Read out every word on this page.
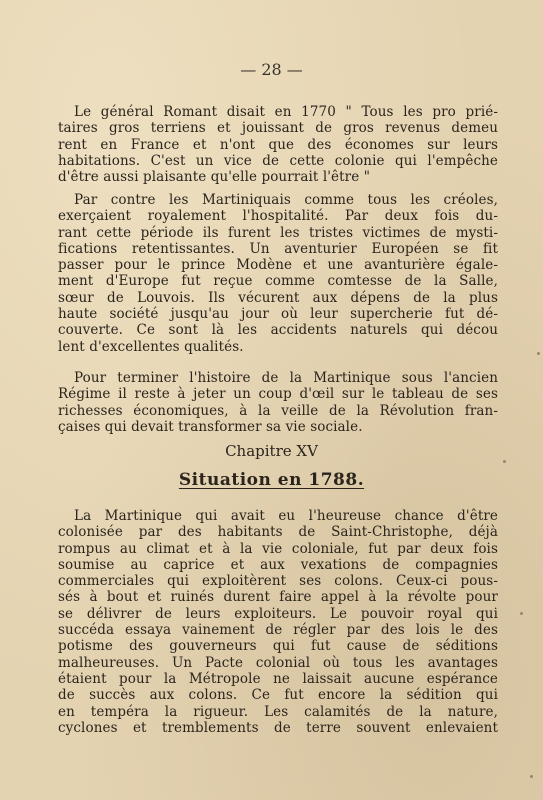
— 28 —
Le général Romant disait en 1770 " Tous les pro prié-
taires gros terriens et jouissant de gros revenus demeu
rent en France et n'ont que des économes sur leurs
habitations. C'est un vice de cette colonie qui l'empêche
d'être aussi plaisante qu'elle pourrait l'être "
Par contre les Martiniquais comme tous les créoles,
exerçaient royalement l'hospitalité. Par deux fois du-
rant cette période ils furent les tristes victimes de mysti-
fications retentissantes. Un aventurier Européen se fit
passer pour le prince Modène et une avanturière égale-
ment d'Europe fut reçue comme comtesse de la Salle,
sœur de Louvois. Ils vécurent aux dépens de la plus
haute société jusqu'au jour où leur supercherie fut dé-
couverte. Ce sont là les accidents naturels qui décou
lent d'excellentes qualités.
Pour terminer l'histoire de la Martinique sous l'ancien
Régime il reste à jeter un coup d'œil sur le tableau de ses
richesses économiques, à la veille de la Révolution fran-
çaises qui devait transformer sa vie sociale.
Chapitre XV
Situation en 1788.
La Martinique qui avait eu l'heureuse chance d'être
colonisée par des habitants de Saint-Christophe, déjà
rompus au climat et à la vie coloniale, fut par deux fois
soumise au caprice et aux vexations de compagnies
commerciales qui exploitèrent ses colons. Ceux-ci pous-
sés à bout et ruinés durent faire appel à la révolte pour
se délivrer de leurs exploiteurs. Le pouvoir royal qui
succéda essaya vainement de régler par des lois le des
potisme des gouverneurs qui fut cause de séditions
malheureuses. Un Pacte colonial où tous les avantages
étaient pour la Métropole ne laissait aucune espérance
de succès aux colons. Ce fut encore la sédition qui
en tempéra la rigueur. Les calamités de la nature,
cyclones et tremblements de terre souvent enlevaient
